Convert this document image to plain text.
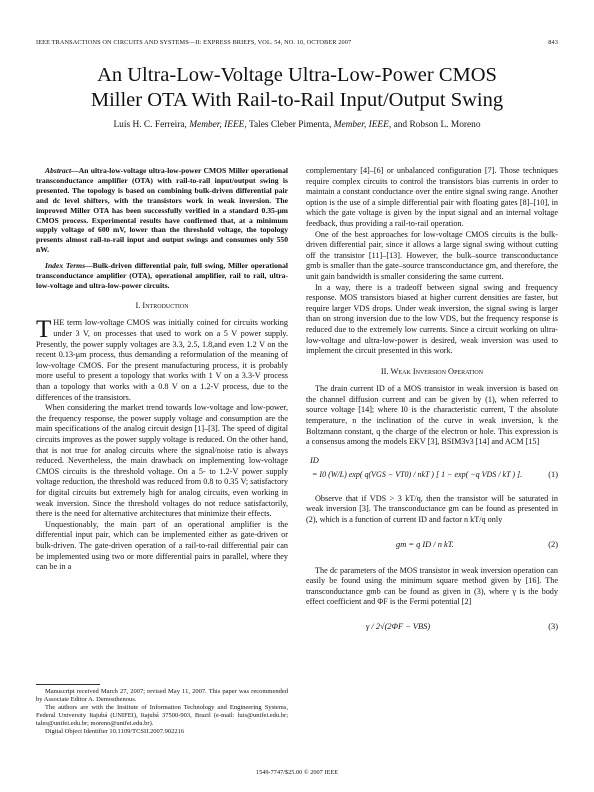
IEEE TRANSACTIONS ON CIRCUITS AND SYSTEMS—II: EXPRESS BRIEFS, VOL. 54, NO. 10, OCTOBER 2007	843
An Ultra-Low-Voltage Ultra-Low-Power CMOS
Miller OTA With Rail-to-Rail Input/Output Swing
Luís H. C. Ferreira, Member, IEEE, Tales Cleber Pimenta, Member, IEEE, and Robson L. Moreno

Abstract—An ultra-low-voltage ultra-low-power CMOS Miller operational transconductance amplifier (OTA) with rail-to-rail input/output swing is presented. The topology is based on combining bulk-driven differential pair and dc level shifters, with the transistors work in weak inversion. The improved Miller OTA has been successfully verified in a standard 0.35-μm CMOS process. Experimental results have confirmed that, at a minimum supply voltage of 600 mV, lower than the threshold voltage, the topology presents almost rail-to-rail input and output swings and consumes only 550 nW.

Index Terms—Bulk-driven differential pair, full swing, Miller operational transconductance amplifier (OTA), operational amplifier, rail to rail, ultra-low-voltage and ultra-low-power circuits.

I. Introduction

THE term low-voltage CMOS was initially coined for circuits working under 3 V, on processes that used to work on a 5 V power supply. Presently, the power supply voltages are 3.3, 2.5, 1.8,and even 1.2 V on the recent 0.13-μm process, thus demanding a reformulation of the meaning of low-voltage CMOS. For the present manufacturing process, it is probably more useful to present a topology that works with 1 V on a 3.3-V process than a topology that works with a 0.8 V on a 1.2-V process, due to the differences of the transistors.

When considering the market trend towards low-voltage and low-power, the frequency response, the power supply voltage and consumption are the main specifications of the analog circuit design [1]–[3]. The speed of digital circuits improves as the power supply voltage is reduced. On the other hand, that is not true for analog circuits where the signal/noise ratio is always reduced. Nevertheless, the main drawback on implementing low-voltage CMOS circuits is the threshold voltage. On a 5- to 1.2-V power supply voltage reduction, the threshold was reduced from 0.8 to 0.35 V; satisfactory for digital circuits but extremely high for analog circuits, even working in weak inversion. Since the threshold voltages do not reduce satisfactorily, there is the need for alternative architectures that minimize their effects.

Unquestionably, the main part of an operational amplifier is the differential input pair, which can be implemented either as gate-driven or bulk-driven. The gate-driven operation of a rail-to-rail differential pair can be implemented using two or more differential pairs in parallel, where they can be in a

Manuscript received March 27, 2007; revised May 11, 2007. This paper was recommended by Associate Editor A. Demosthenous.

The authors are with the Institute of Information Technology and Engineering Systems, Federal University Itajubá (UNIFEI), Itajubá 37500-903, Brazil (e-mail: luis@unifei.edu.br; tales@unifei.edu.br; moreno@unifei.edu.br).

Digital Object Identifier 10.1109/TCSII.2007.902216

complementary [4]–[6] or unbalanced configuration [7]. Those techniques require complex circuits to control the transistors bias currents in order to maintain a constant conductance over the entire signal swing range. Another option is the use of a simple differential pair with floating gates [8]–[10], in which the gate voltage is given by the input signal and an internal voltage feedback, thus providing a rail-to-rail operation.

One of the best approaches for low-voltage CMOS circuits is the bulk-driven differential pair, since it allows a large signal swing without cutting off the transistor [11]–[13]. However, the bulk–source transconductance gmb is smaller than the gate–source transconductance gm, and therefore, the unit gain bandwidth is smaller considering the same current.

In a way, there is a tradeoff between signal swing and frequency response. MOS transistors biased at higher current densities are faster, but require larger VDS drops. Under weak inversion, the signal swing is larger than on strong inversion due to the low VDS, but the frequency response is reduced due to the extremely low currents. Since a circuit working on ultra-low-voltage and ultra-low-power is desired, weak inversion was used to implement the circuit presented in this work.

II. Weak Inversion Operation

The drain current ID of a MOS transistor in weak inversion is based on the channel diffusion current and can be given by (1), when referred to source voltage [14]; where I0 is the characteristic current, T the absolute temperature, n the inclination of the curve in weak inversion, k the Boltzmann constant, q the charge of the electron or hole. This expression is a consensus among the models EKV [3], BSIM3v3 [14] and ACM [15]

ID
= I0 (W/L) exp( q(VGS − VT0) / nkT ) [ 1 − exp( −q VDS / kT ) ].	(1)

Observe that if VDS > 3 kT/q, then the transistor will be saturated in weak inversion [3]. The transconductance gm can be found as presented in (2), which is a function of current ID and factor n kT/q only

gm = q ID / n kT.	(2)

The dc parameters of the MOS transistor in weak inversion operation can easily be found using the minimum square method given by [16]. The transconductance gmb can be found as given in (3), where γ is the body effect coefficient and ΦF is the Fermi potential [2]

γ / 2√(2ΦF − VBS)	(3)
1549-7747/$25.00 © 2007 IEEE
